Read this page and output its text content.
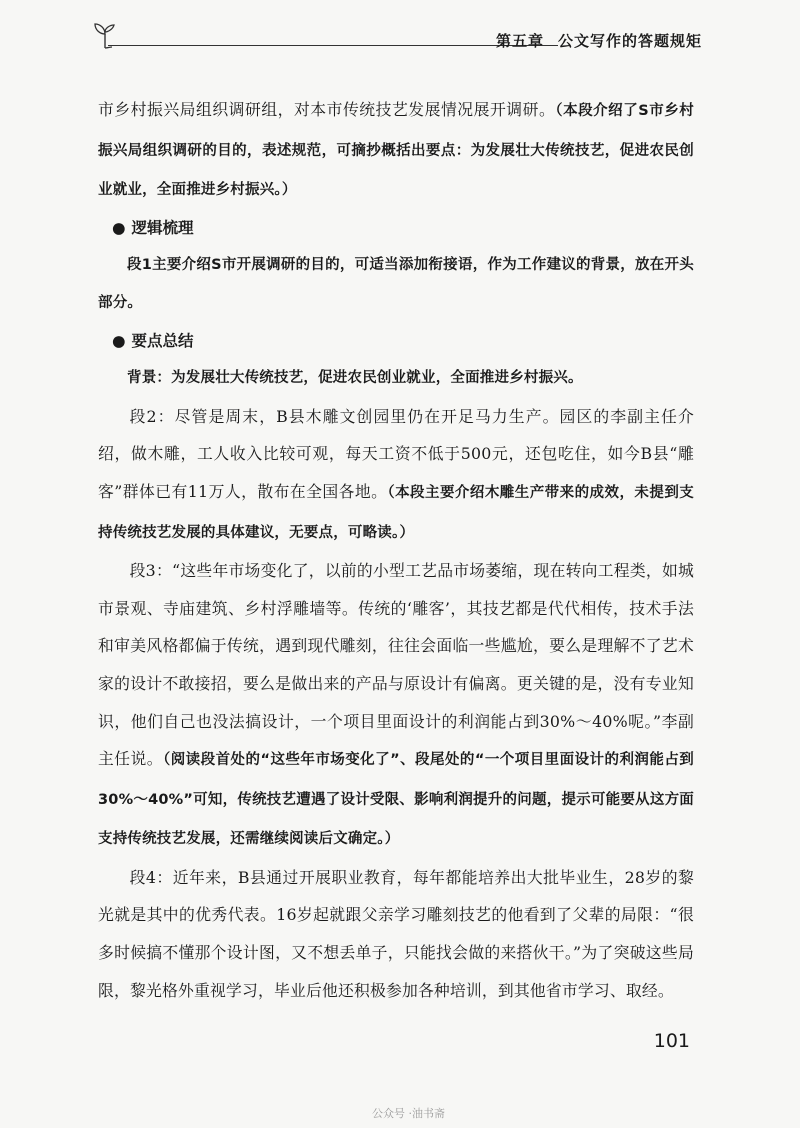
第五章 公文写作的答题规矩

市乡村振兴局组织调研组，对本市传统技艺发展情况展开调研。（本段介绍了S市乡村振兴局组织调研的目的，表述规范，可摘抄概括出要点：为发展壮大传统技艺，促进农民创业就业，全面推进乡村振兴。）

● 逻辑梳理

段1主要介绍S市开展调研的目的，可适当添加衔接语，作为工作建议的背景，放在开头部分。

● 要点总结

背景：为发展壮大传统技艺，促进农民创业就业，全面推进乡村振兴。

段2：尽管是周末，B县木雕文创园里仍在开足马力生产。园区的李副主任介绍，做木雕，工人收入比较可观，每天工资不低于500元，还包吃住，如今B县“雕客”群体已有11万人，散布在全国各地。（本段主要介绍木雕生产带来的成效，未提到支持传统技艺发展的具体建议，无要点，可略读。）

段3：“这些年市场变化了，以前的小型工艺品市场萎缩，现在转向工程类，如城市景观、寺庙建筑、乡村浮雕墙等。传统的‘雕客’，其技艺都是代代相传，技术手法和审美风格都偏于传统，遇到现代雕刻，往往会面临一些尴尬，要么是理解不了艺术家的设计不敢接招，要么是做出来的产品与原设计有偏离。更关键的是，没有专业知识，他们自己也没法搞设计，一个项目里面设计的利润能占到30%～40%呢。”李副主任说。（阅读段首处的“这些年市场变化了”、段尾处的“一个项目里面设计的利润能占到30%～40%”可知，传统技艺遭遇了设计受限、影响利润提升的问题，提示可能要从这方面支持传统技艺发展，还需继续阅读后文确定。）

段4：近年来，B县通过开展职业教育，每年都能培养出大批毕业生，28岁的黎光就是其中的优秀代表。16岁起就跟父亲学习雕刻技艺的他看到了父辈的局限：“很多时候搞不懂那个设计图，又不想丢单子，只能找会做的来搭伙干。”为了突破这些局限，黎光格外重视学习，毕业后他还积极参加各种培训，到其他省市学习、取经。

101
公众号 ·油书斋
